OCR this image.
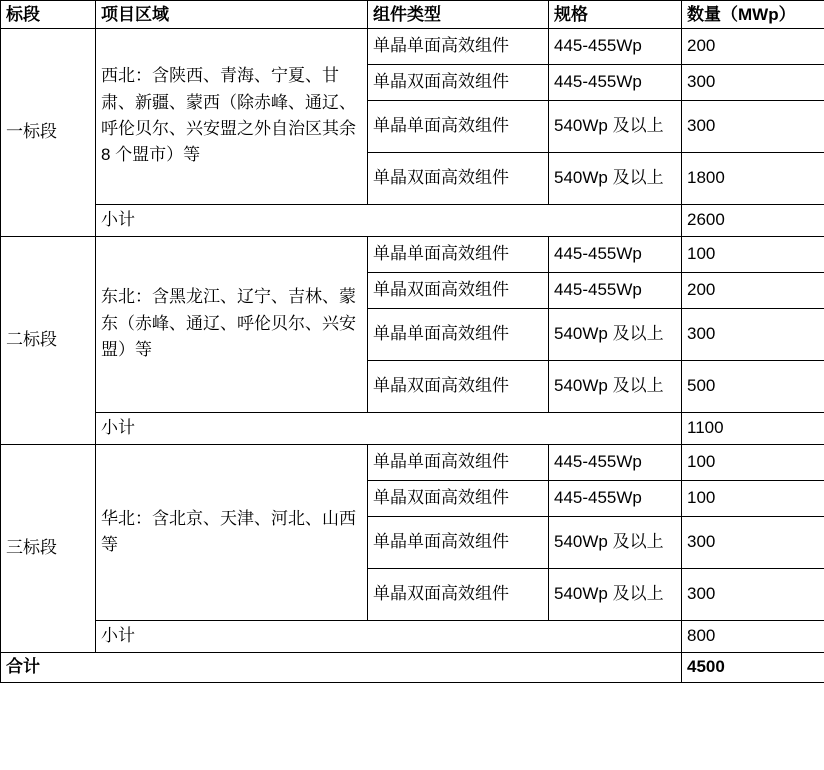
标段	项目区域	组件类型	规格	数量（MWp）
一标段	西北：含陕西、青海、宁夏、甘肃、新疆、蒙西（除赤峰、通辽、呼伦贝尔、兴安盟之外自治区其余 8 个盟市）等	单晶单面高效组件	445-455Wp	200
		单晶双面高效组件	445-455Wp	300
		单晶单面高效组件	540Wp 及以上	300
		单晶双面高效组件	540Wp 及以上	1800
	小计			2600
二标段	东北：含黑龙江、辽宁、吉林、蒙东（赤峰、通辽、呼伦贝尔、兴安盟）等	单晶单面高效组件	445-455Wp	100
		单晶双面高效组件	445-455Wp	200
		单晶单面高效组件	540Wp 及以上	300
		单晶双面高效组件	540Wp 及以上	500
	小计			1100
三标段	华北：含北京、天津、河北、山西等	单晶单面高效组件	445-455Wp	100
		单晶双面高效组件	445-455Wp	100
		单晶单面高效组件	540Wp 及以上	300
		单晶双面高效组件	540Wp 及以上	300
	小计			800
合计				4500
